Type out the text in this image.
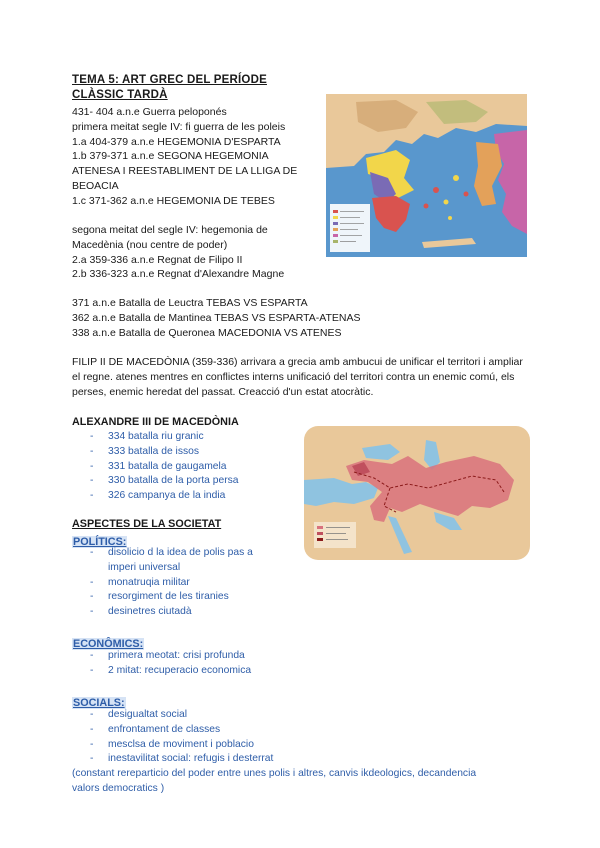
TEMA 5: ART GREC DEL PERÍODE
CLÀSSIC TARDÀ
431- 404 a.n.e Guerra peloponés
primera meitat segle IV: fi guerra de les poleis
1.a 404-379 a.n.e HEGEMONIA D'ESPARTA
1.b 379-371 a.n.e SEGONA HEGEMONIA
ATENESA I REESTABLIMENT DE LA LLIGA DE
BEOACIA
1.c 371-362 a.n.e HEGEMONIA DE TEBES
segona meitat del segle IV: hegemonia de
Macedènia (nou centre de poder)
2.a 359-336 a.n.e Regnat de Filipo II
2.b 336-323 a.n.e Regnat d'Alexandre Magne
371 a.n.e Batalla de Leuctra TEBAS VS ESPARTA
362 a.n.e Batalla de Mantinea TEBAS VS ESPARTA-ATENAS
338 a.n.e Batalla de Queronea MACEDONIA VS ATENES
FILIP II DE MACEDÒNIA (359-336) arrivara a grecia amb ambucui de unificar el territori i ampliar el regne. atenes mentres en conflictes interns unificació del territori contra un enemic comú, els perses, enemic heredat del passat. Creacció d'un estat atocràtic.
ALEXANDRE III DE MACEDÒNIA
- 334 batalla riu granic
- 333 batalla de issos
- 331 batalla de gaugamela
- 330 batalla de la porta persa
- 326 campanya de la india
ASPECTES DE LA SOCIETAT
POLÍTICS:
- disolicio d la idea de polis pas a
imperi universal
- monatruqia militar
- resorgiment de les tiranies
- desinetres ciutadà
ECONÔMICS:
- primera meotat: crisi profunda
- 2 mitat: recuperacio economica
SOCIALS:
- desigualtat social
- enfrontament de classes
- mesclsa de moviment i poblacio
- inestavilitat social: refugis i desterrat
(constant rereparticio del poder entre unes polis i altres, canvis ikdeologics, decandencia
valors democratics )
